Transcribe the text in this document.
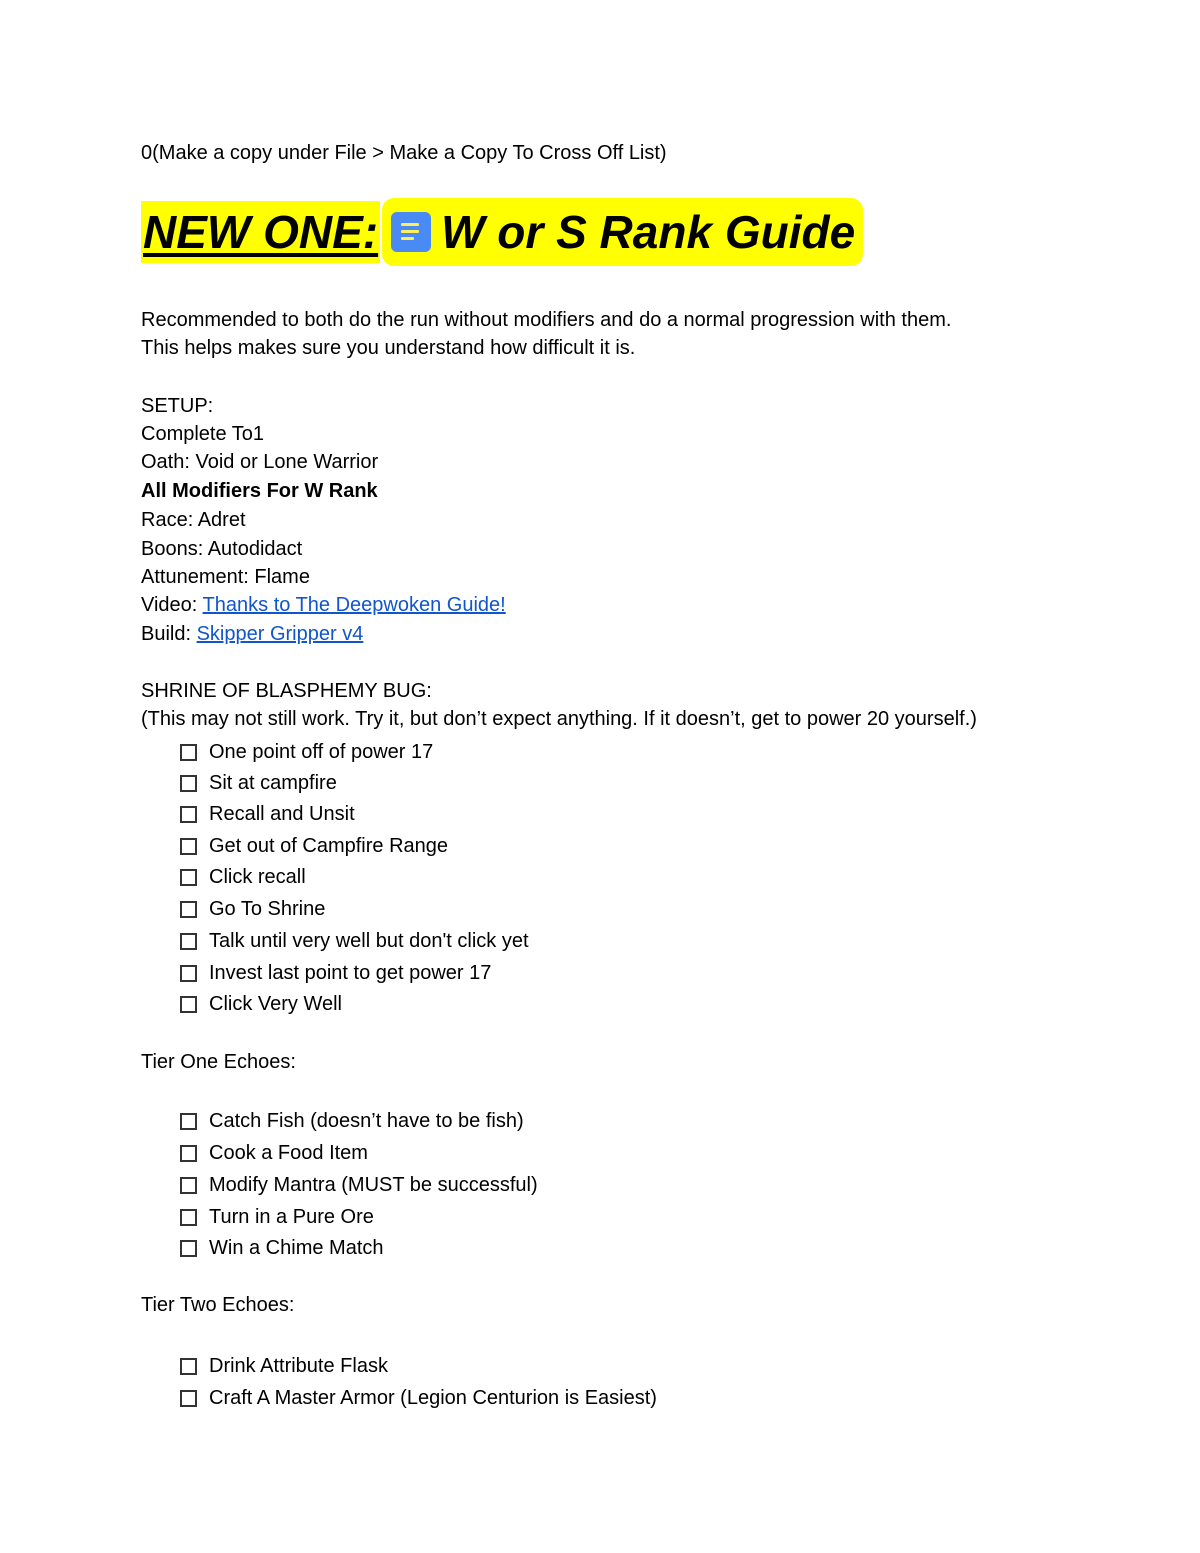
0(Make a copy under File > Make a Copy To Cross Off List)
NEW ONE: W or S Rank Guide
Recommended to both do the run without modifiers and do a normal progression with them.
This helps makes sure you understand how difficult it is.
SETUP:
Complete To1
Oath: Void or Lone Warrior
All Modifiers For W Rank
Race: Adret
Boons: Autodidact
Attunement: Flame
Video: Thanks to The Deepwoken Guide!
Build: Skipper Gripper v4
SHRINE OF BLASPHEMY BUG:
(This may not still work. Try it, but don’t expect anything. If it doesn’t, get to power 20 yourself.)
One point off of power 17
Sit at campfire
Recall and Unsit
Get out of Campfire Range
Click recall
Go To Shrine
Talk until very well but don't click yet
Invest last point to get power 17
Click Very Well
Tier One Echoes:
Catch Fish (doesn’t have to be fish)
Cook a Food Item
Modify Mantra (MUST be successful)
Turn in a Pure Ore
Win a Chime Match
Tier Two Echoes:
Drink Attribute Flask
Craft A Master Armor (Legion Centurion is Easiest)
